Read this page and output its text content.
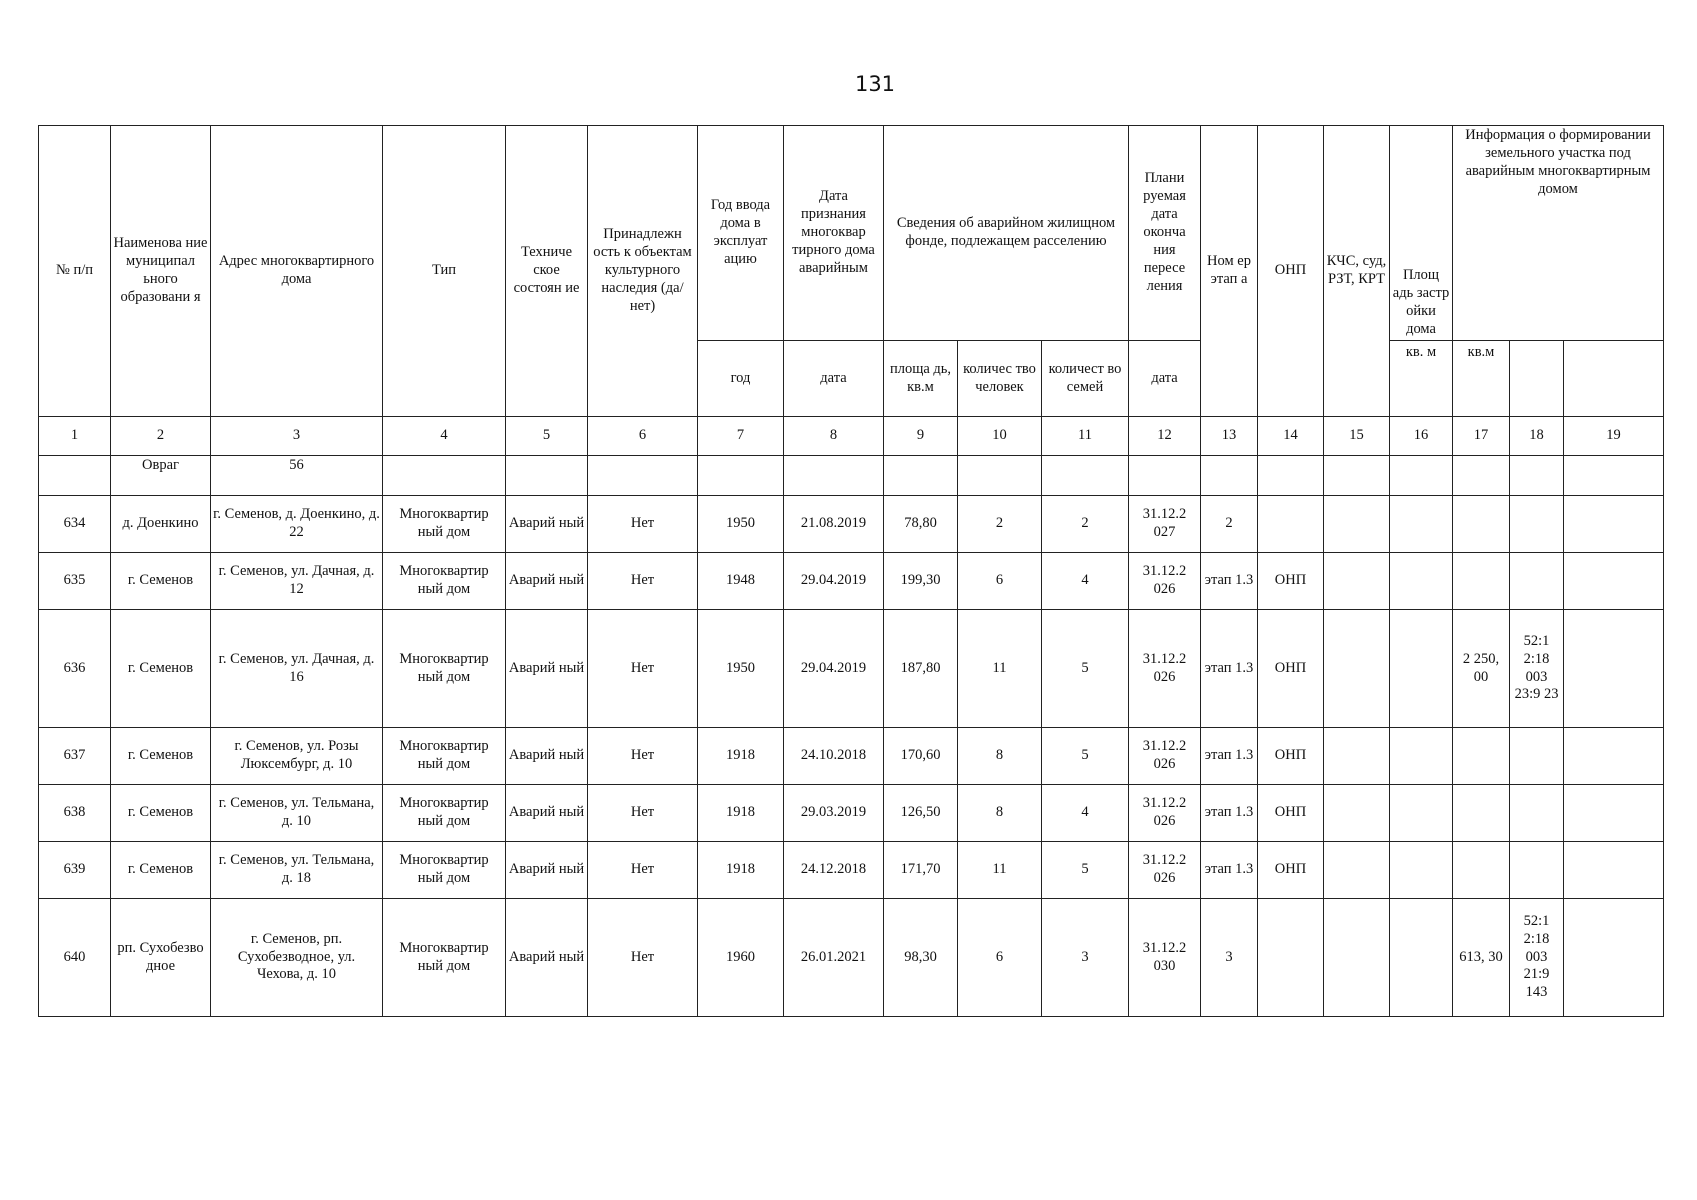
131
№ п/п	Наименова ние муниципал ьного образовани я	Адрес многоквартирного дома	Тип	Техниче ское состоян ие	Принадлежн ость к объектам культурного наследия (да/нет)	Год ввода дома в эксплуат ацию	Дата признания многоквар тирного дома аварийным	Сведения об аварийном жилищном фонде, подлежащем расселению			Плани руемая дата оконча ния пересе ления	Ном ер этап а	ОНП	КЧС, суд, РЗТ, КРТ	Площ адь застр ойки дома	Информация о формировании земельного участка под аварийным многоквартирным домом		
						год	дата	площа дь, кв.м	количес тво человек	количест во семей	дата				кв. м	кв.м		
1	2	3	4	5	6	7	8	9	10	11	12	13	14	15	16	17	18	19
	Овраг	56																
634	д. Доенкино	г. Семенов, д. Доенкино, д. 22	Многоквартир ный дом	Аварий ный	Нет	1950	21.08.2019	78,80	2	2	31.12.2 027	2						
635	г. Семенов	г. Семенов, ул. Дачная, д. 12	Многоквартир ный дом	Аварий ный	Нет	1948	29.04.2019	199,30	6	4	31.12.2 026	этап 1.3	ОНП					
636	г. Семенов	г. Семенов, ул. Дачная, д. 16	Многоквартир ный дом	Аварий ный	Нет	1950	29.04.2019	187,80	11	5	31.12.2 026	этап 1.3	ОНП			2 250, 00	52:1 2:18 003 23:9 23	
637	г. Семенов	г. Семенов, ул. Розы Люксембург, д. 10	Многоквартир ный дом	Аварий ный	Нет	1918	24.10.2018	170,60	8	5	31.12.2 026	этап 1.3	ОНП					
638	г. Семенов	г. Семенов, ул. Тельмана, д. 10	Многоквартир ный дом	Аварий ный	Нет	1918	29.03.2019	126,50	8	4	31.12.2 026	этап 1.3	ОНП					
639	г. Семенов	г. Семенов, ул. Тельмана, д. 18	Многоквартир ный дом	Аварий ный	Нет	1918	24.12.2018	171,70	11	5	31.12.2 026	этап 1.3	ОНП					
640	рп. Сухобезво дное	г. Семенов, рп. Сухобезводное, ул. Чехова, д. 10	Многоквартир ный дом	Аварий ный	Нет	1960	26.01.2021	98,30	6	3	31.12.2 030	3				613, 30	52:1 2:18 003 21:9 143	
